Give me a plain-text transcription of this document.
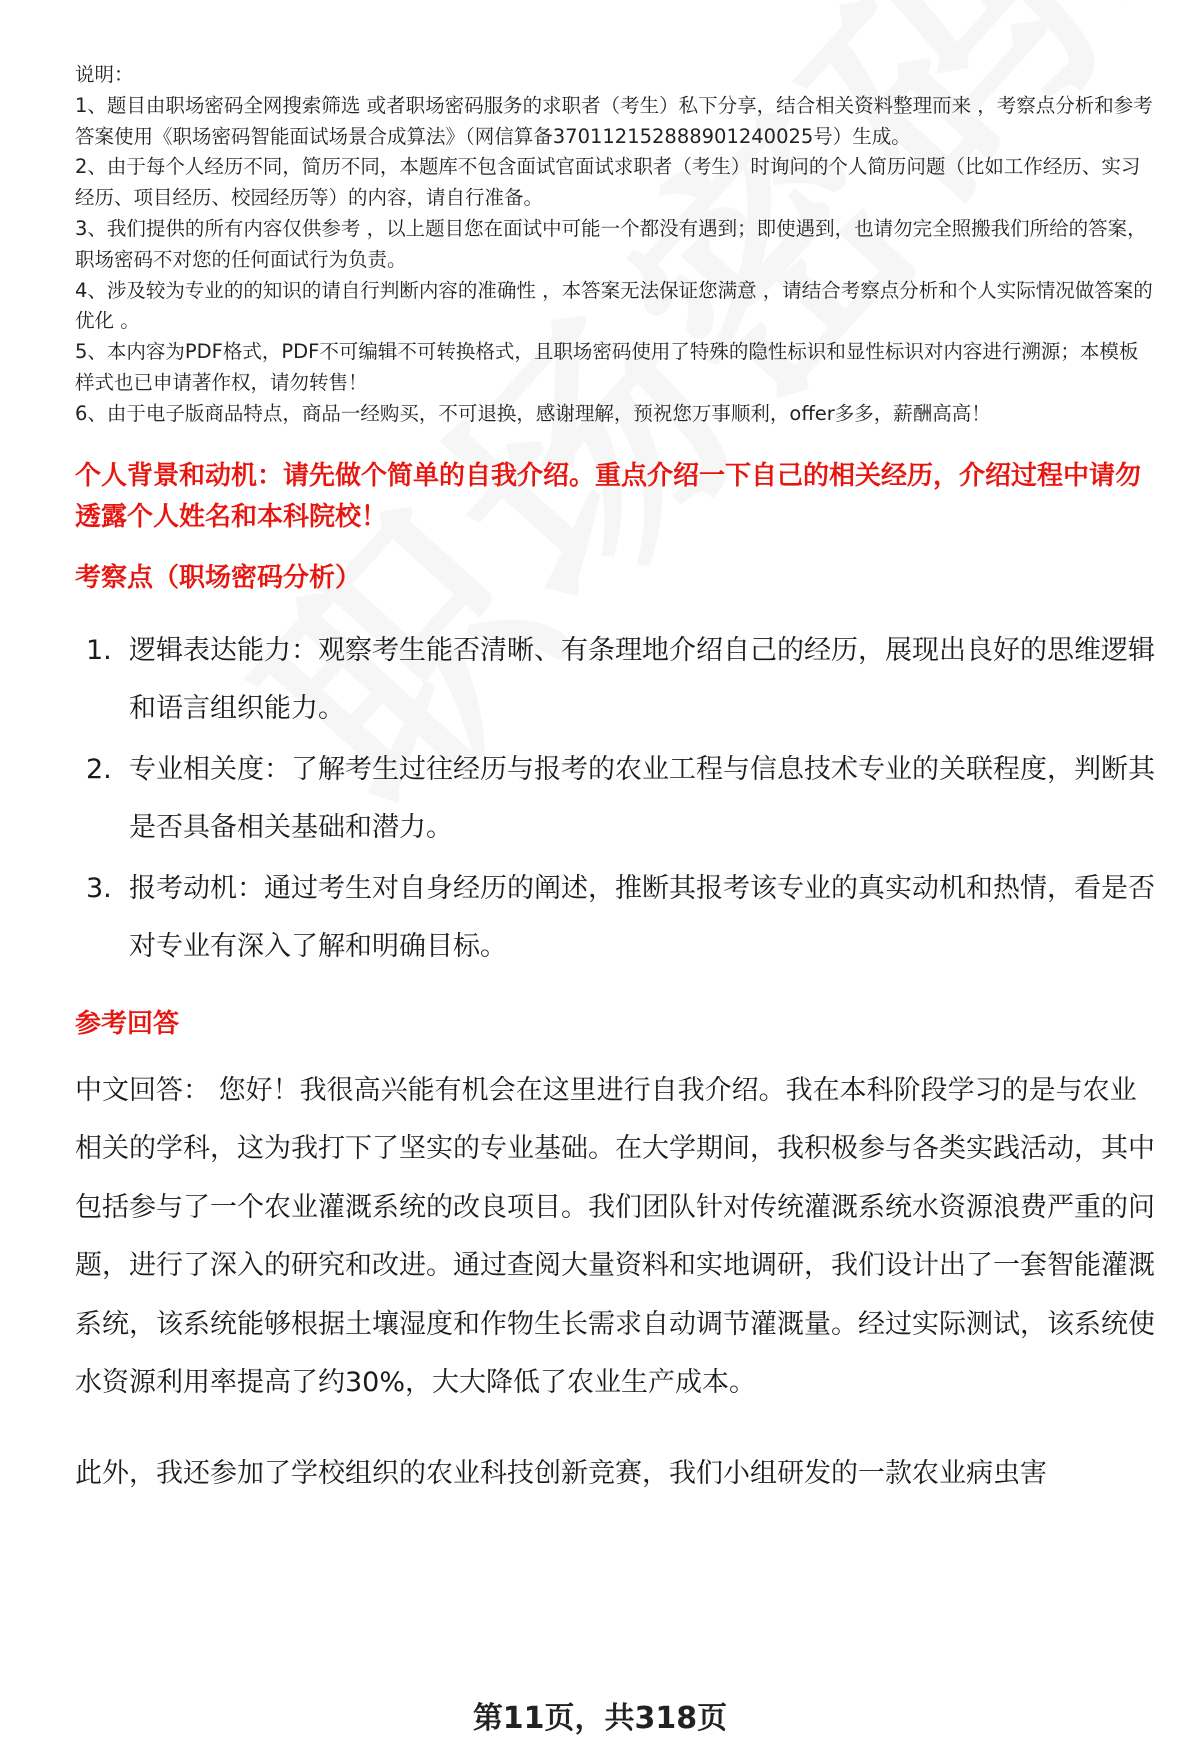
说明：

1、题目由职场密码全网搜索筛选 或者职场密码服务的求职者（考生）私下分享，结合相关资料整理而来 ，考察点分析和参考答案使用《职场密码智能面试场景合成算法》（网信算备370112152888901240025号）生成。

2、由于每个人经历不同，简历不同，本题库不包含面试官面试求职者（考生）时询问的个人简历问题（比如工作经历、实习经历、项目经历、校园经历等）的内容，请自行准备。

3、我们提供的所有内容仅供参考 ，以上题目您在面试中可能一个都没有遇到；即使遇到，也请勿完全照搬我们所给的答案，职场密码不对您的任何面试行为负责。

4、涉及较为专业的的知识的请自行判断内容的准确性 ，本答案无法保证您满意 ，请结合考察点分析和个人实际情况做答案的优化 。

5、本内容为PDF格式，PDF不可编辑不可转换格式，且职场密码使用了特殊的隐性标识和显性标识对内容进行溯源；本模板样式也已申请著作权，请勿转售！

6、由于电子版商品特点，商品一经购买，不可退换，感谢理解，预祝您万事顺利，offer多多，薪酬高高！

个人背景和动机：请先做个简单的自我介绍。重点介绍一下自己的相关经历，介绍过程中请勿透露个人姓名和本科院校！
考察点（职场密码分析）
1. 逻辑表达能力：观察考生能否清晰、有条理地介绍自己的经历，展现出良好的思维逻辑和语言组织能力。
2. 专业相关度：了解考生过往经历与报考的农业工程与信息技术专业的关联程度，判断其是否具备相关基础和潜力。
3. 报考动机：通过考生对自身经历的阐述，推断其报考该专业的真实动机和热情，看是否对专业有深入了解和明确目标。
参考回答

中文回答： 您好！我很高兴能有机会在这里进行自我介绍。我在本科阶段学习的是与农业相关的学科，这为我打下了坚实的专业基础。在大学期间，我积极参与各类实践活动，其中包括参与了一个农业灌溉系统的改良项目。我们团队针对传统灌溉系统水资源浪费严重的问题，进行了深入的研究和改进。通过查阅大量资料和实地调研，我们设计出了一套智能灌溉系统，该系统能够根据土壤湿度和作物生长需求自动调节灌溉量。经过实际测试，该系统使水资源利用率提高了约30%，大大降低了农业生产成本。

此外，我还参加了学校组织的农业科技创新竞赛，我们小组研发的一款农业病虫害

第11页，共318页
